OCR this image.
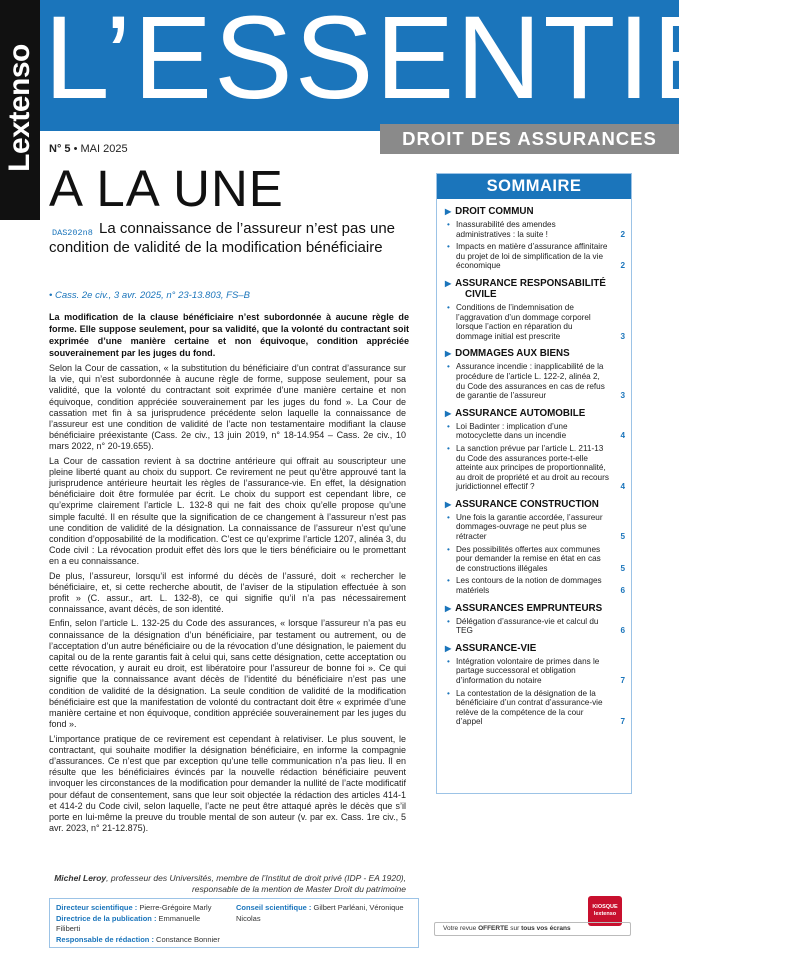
Lextenso L’ESSENTIEL
DROIT DES ASSURANCES
N° 5 • MAI 2025
A LA UNE
DAS202n8 La connaissance de l’assureur n’est pas une condition de validité de la modification bénéficiaire
• Cass. 2e civ., 3 avr. 2025, n° 23-13.803, FS–B
La modification de la clause bénéficiaire n’est subordonnée à aucune règle de forme. Elle suppose seulement, pour sa validité, que la volonté du contractant soit exprimée d’une manière certaine et non équivoque, condition appréciée souverainement par les juges du fond.

Selon la Cour de cassation, « la substitution du bénéficiaire d’un contrat d’assurance sur la vie, qui n’est subordonnée à aucune règle de forme, suppose seulement, pour sa validité, que la volonté du contractant soit exprimée d’une manière certaine et non équivoque, condition appréciée souverainement par les juges du fond ». La Cour de cassation met fin à sa jurisprudence précédente selon laquelle la connaissance de l’assureur est une condition de validité de l’acte non testamentaire modifiant la clause bénéficiaire préexistante (Cass. 2e civ., 13 juin 2019, n° 18-14.954 – Cass. 2e civ., 10 mars 2022, n° 20-19.655).

La Cour de cassation revient à sa doctrine antérieure qui offrait au souscripteur une pleine liberté quant au choix du support. Ce revirement ne peut qu’être approuvé tant la jurisprudence antérieure heurtait les règles de l’assurance-vie. En effet, la désignation bénéficiaire doit être formulée par écrit. Le choix du support est cependant libre, ce qu’exprime clairement l’article L. 132-8 qui ne fait des choix qu’elle propose qu’une simple faculté. Il en résulte que la signification de ce changement à l’assureur n’est pas une condition de validité de la désignation. La connaissance de l’assureur n’est qu’une condition d’opposabilité de la modification. C’est ce qu’exprime l’article 1207, alinéa 3, du Code civil : La révocation produit effet dès lors que le tiers bénéficiaire ou le promettant en a eu connaissance.

De plus, l’assureur, lorsqu’il est informé du décès de l’assuré, doit « rechercher le bénéficiaire, et, si cette recherche aboutit, de l’aviser de la stipulation effectuée à son profit » (C. assur., art. L. 132-8), ce qui signifie qu’il n’a pas nécessairement connaissance, avant décès, de son identité.

Enfin, selon l’article L. 132-25 du Code des assurances, « lorsque l’assureur n’a pas eu connaissance de la désignation d’un bénéficiaire, par testament ou autrement, ou de l’acceptation d’un autre bénéficiaire ou de la révocation d’une désignation, le paiement du capital ou de la rente garantis fait à celui qui, sans cette désignation, cette acceptation ou cette révocation, y aurait eu droit, est libératoire pour l’assureur de bonne foi ». Ce qui signifie que la connaissance avant décès de l’identité du bénéficiaire n’est pas une condition de validité de la désignation. La seule condition de validité de la modification bénéficiaire est que la manifestation de volonté du contractant doit être « exprimée d’une manière certaine et non équivoque, condition appréciée souverainement par les juges du fond ».

L’importance pratique de ce revirement est cependant à relativiser. Le plus souvent, le contractant, qui souhaite modifier la désignation bénéficiaire, en informe la compagnie d’assurances. Ce n’est que par exception qu’une telle communication n’a pas lieu. Il en résulte que les bénéficiaires évincés par la nouvelle rédaction bénéficiaire peuvent invoquer les circonstances de la modification pour demander la nullité de l’acte modificatif pour défaut de consentement, sans que leur soit objectée la rédaction des articles 414-1 et 414-2 du Code civil, selon laquelle, l’acte ne peut être attaqué après le décès que s’il porte en lui-même la preuve du trouble mental de son auteur (v. par ex. Cass. 1re civ., 5 avr. 2023, n° 21-12.875).

Michel Leroy, professeur des Universités, membre de l’Institut de droit privé (IDP - EA 1920), responsable de la mention de Master Droit du patrimoine
Directeur scientifique : Pierre-Grégoire Marly
Directrice de la publication : Emmanuelle Filiberti
Responsable de rédaction : Constance Bonnier
Conseil scientifique : Gilbert Parléani, Véronique Nicolas
SOMMAIRE
▶ DROIT COMMUN
• Inassurabilité des amendes administratives : la suite !	2
• Impacts en matière d’assurance affinitaire du projet de loi de simplification de la vie économique	2
▶ ASSURANCE RESPONSABILITÉ
CIVILE
• Conditions de l’indemnisation de l’aggravation d’un dommage corporel lorsque l’action en réparation du dommage initial est prescrite	3
▶ DOMMAGES AUX BIENS
• Assurance incendie : inapplicabilité de la procédure de l’article L. 122-2, alinéa 2, du Code des assurances en cas de refus de garantie de l’assureur	3
▶ ASSURANCE AUTOMOBILE
• Loi Badinter : implication d’une motocyclette dans un incendie	4
• La sanction prévue par l’article L. 211-13 du Code des assurances porte-t-elle atteinte aux principes de proportionnalité, au droit de propriété et au droit au recours juridictionnel effectif ?	4
▶ ASSURANCE CONSTRUCTION
• Une fois la garantie accordée, l’assureur dommages-ouvrage ne peut plus se rétracter	5
• Des possibilités offertes aux communes pour demander la remise en état en cas de constructions illégales	5
• Les contours de la notion de dommages matériels	6
▶ ASSURANCES EMPRUNTEURS
• Délégation d’assurance-vie et calcul du TEG	6
▶ ASSURANCE-VIE
• Intégration volontaire de primes dans le partage successoral et obligation d’information du notaire	7
• La contestation de la désignation de la bénéficiaire d’un contrat d’assurance-vie relève de la compétence de la cour d’appel	7
KIOSQUE
lextenso
Votre revue OFFERTE sur tous vos écrans
